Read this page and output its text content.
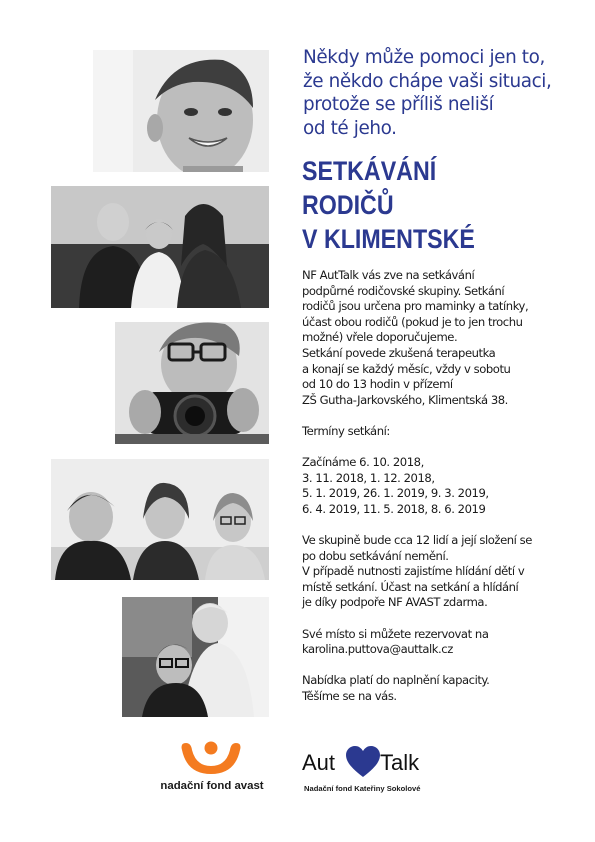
Někdy může pomoci jen to,
že někdo chápe vaši situaci,
protože se příliš neliší
od té jeho.
SETKÁVÁNÍ
RODIČŮ
V KLIMENTSKÉ
NF AutTalk vás zve na setkávání
podpůrné rodičovské skupiny. Setkání
rodičů jsou určena pro maminky a tatínky,
účast obou rodičů (pokud je to jen trochu
možné) vřele doporučujeme.
Setkání povede zkušená terapeutka
a konají se každý měsíc, vždy v sobotu
od 10 do 13 hodin v přízemí
ZŠ Gutha-Jarkovského, Klimentská 38.
Termíny setkání:
Začínáme 6. 10. 2018,
3. 11. 2018, 1. 12. 2018,
5. 1. 2019, 26. 1. 2019, 9. 3. 2019,
6. 4. 2019, 11. 5. 2018, 8. 6. 2019
Ve skupině bude cca 12 lidí a její složení se
po dobu setkávání nemění.
V případě nutnosti zajistíme hlídání dětí v
místě setkání. Účast na setkání a hlídání
je díky podpoře NF AVAST zdarma.
Své místo si můžete rezervovat na
karolina.puttova@auttalk.cz
Nabídka platí do naplnění kapacity.
Těšíme se na vás.
nadační fond avast
Aut Talk
Nadační fond Kateřiny Sokolové
